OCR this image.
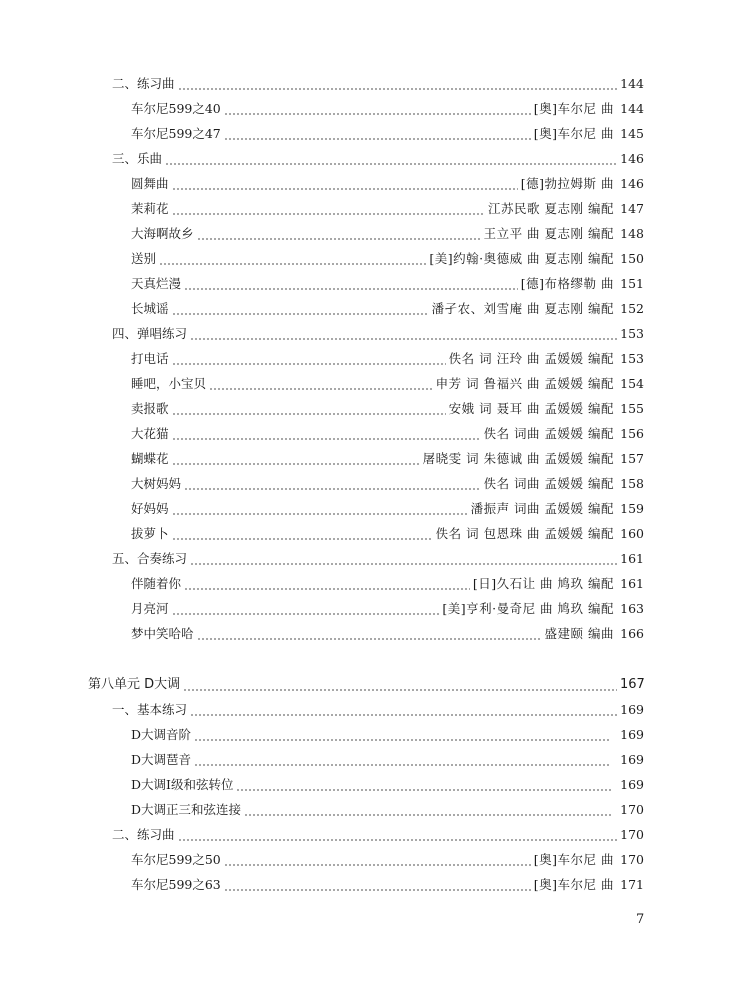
二、练习曲	144
车尔尼599之40	[奥]车尔尼 曲 144
车尔尼599之47	[奥]车尔尼 曲 145
三、乐曲	146
圆舞曲	[德]勃拉姆斯 曲 146
茉莉花	江苏民歌 夏志刚 编配 147
大海啊故乡	王立平 曲 夏志刚 编配 148
送别	[美]约翰·奥德威 曲 夏志刚 编配 150
天真烂漫	[德]布格缪勒 曲 151
长城谣	潘孑农、刘雪庵 曲 夏志刚 编配 152
四、弹唱练习	153
打电话	佚名 词 汪玲 曲 孟媛媛 编配 153
睡吧，小宝贝	申芳 词 鲁福兴 曲 孟媛媛 编配 154
卖报歌	安娥 词 聂耳 曲 孟媛媛 编配 155
大花猫	佚名 词曲 孟媛媛 编配 156
蝴蝶花	屠晓雯 词 朱德诚 曲 孟媛媛 编配 157
大树妈妈	佚名 词曲 孟媛媛 编配 158
好妈妈	潘振声 词曲 孟媛媛 编配 159
拔萝卜	佚名 词 包恩珠 曲 孟媛媛 编配 160
五、合奏练习	161
伴随着你	[日]久石让 曲 鸠玖 编配 161
月亮河	[美]亨利·曼奇尼 曲 鸠玖 编配 163
梦中笑哈哈	盛建颐 编曲 166
第八单元 D大调	167
一、基本练习	169
D大调音阶	169
D大调琶音	169
D大调Ⅰ级和弦转位	169
D大调正三和弦连接	170
二、练习曲	170
车尔尼599之50	[奥]车尔尼 曲 170
车尔尼599之63	[奥]车尔尼 曲 171
7
